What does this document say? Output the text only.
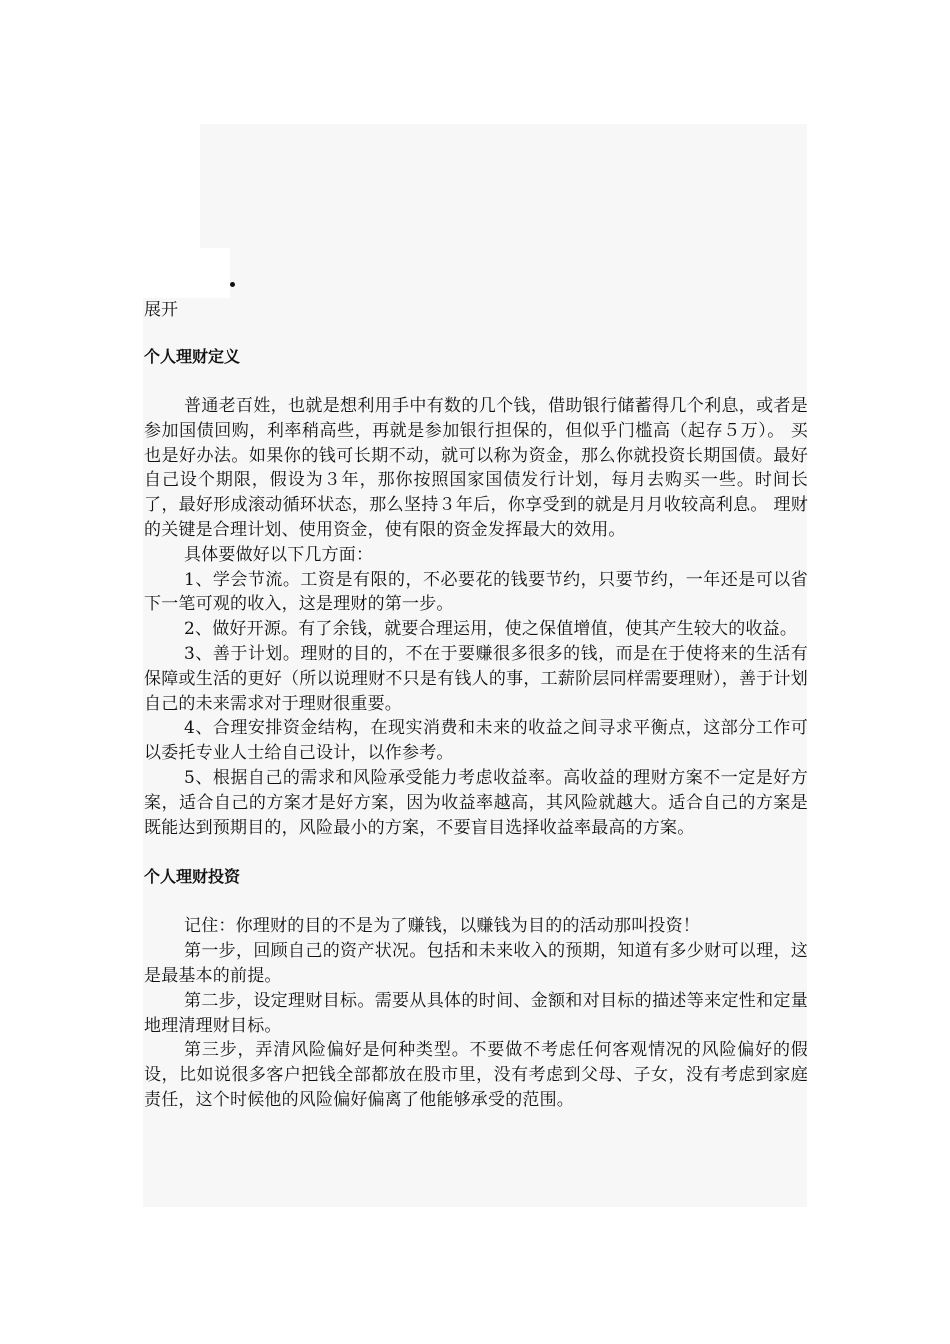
展开

个人理财定义

普通老百姓，也就是想利用手中有数的几个钱，借助银行储蓄得几个利息，或者是参加国债回购，利率稍高些，再就是参加银行担保的，但似乎门槛高（起存５万）。 买也是好办法。如果你的钱可长期不动，就可以称为资金，那么你就投资长期国债。最好自己设个期限，假设为３年，那你按照国家国债发行计划，每月去购买一些。时间长了，最好形成滚动循环状态，那么坚持３年后，你享受到的就是月月收较高利息。 理财的关键是合理计划、使用资金，使有限的资金发挥最大的效用。

具体要做好以下几方面：

1、学会节流。工资是有限的，不必要花的钱要节约，只要节约，一年还是可以省下一笔可观的收入，这是理财的第一步。

2、做好开源。有了余钱，就要合理运用，使之保值增值，使其产生较大的收益。

3、善于计划。理财的目的，不在于要赚很多很多的钱，而是在于使将来的生活有保障或生活的更好（所以说理财不只是有钱人的事，工薪阶层同样需要理财），善于计划自己的未来需求对于理财很重要。

4、合理安排资金结构，在现实消费和未来的收益之间寻求平衡点，这部分工作可以委托专业人士给自己设计，以作参考。

5、根据自己的需求和风险承受能力考虑收益率。高收益的理财方案不一定是好方案，适合自己的方案才是好方案，因为收益率越高，其风险就越大。适合自己的方案是既能达到预期目的，风险最小的方案，不要盲目选择收益率最高的方案。

个人理财投资

记住：你理财的目的不是为了赚钱，以赚钱为目的的活动那叫投资！

第一步，回顾自己的资产状况。包括和未来收入的预期，知道有多少财可以理，这是最基本的前提。

第二步，设定理财目标。需要从具体的时间、金额和对目标的描述等来定性和定量地理清理财目标。

第三步，弄清风险偏好是何种类型。不要做不考虑任何客观情况的风险偏好的假设，比如说很多客户把钱全部都放在股市里，没有考虑到父母、子女，没有考虑到家庭责任，这个时候他的风险偏好偏离了他能够承受的范围。
